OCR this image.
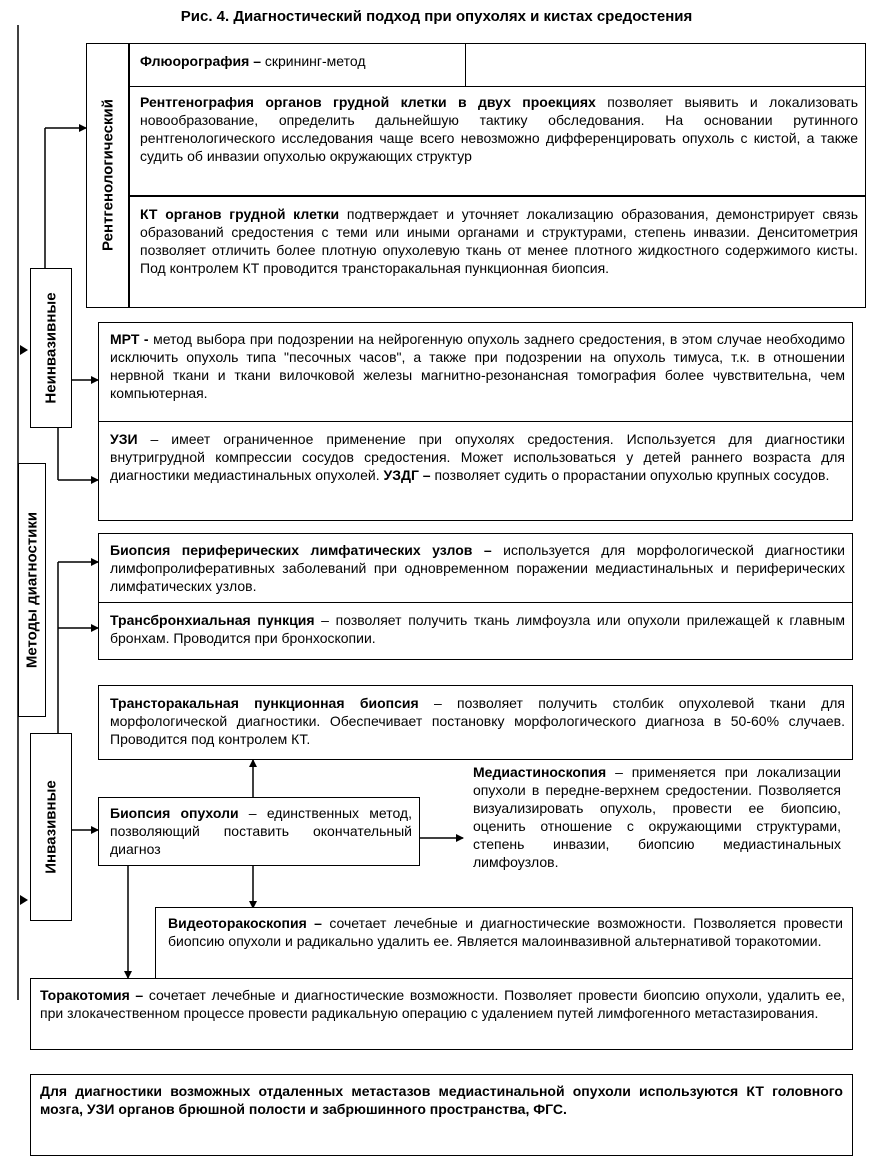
Рис. 4. Диагностический подход при опухолях и кистах средостения
Методы диагностики
Неинвазивные
Инвазивные
Рентгенологический
Флюорография – скрининг-метод
Рентгенография органов грудной клетки в двух проекциях позволяет выявить и локализовать новообразование, определить дальнейшую тактику обследования. На основании рутинного рентгенологического исследования чаще всего невозможно дифференцировать опухоль с кистой, а также судить об инвазии опухолью окружающих структур
КТ органов грудной клетки подтверждает и уточняет локализацию образования, демонстрирует связь образований средостения с теми или иными органами и структурами, степень инвазии. Денситометрия позволяет отличить более плотную опухолевую ткань от менее плотного жидкостного содержимого кисты. Под контролем КТ проводится трансторакальная пункционная биопсия.
МРТ - метод выбора при подозрении на нейрогенную опухоль заднего средостения, в этом случае необходимо исключить опухоль типа "песочных часов", а также при подозрении на опухоль тимуса, т.к. в отношении нервной ткани и ткани вилочковой железы магнитно-резонансная томография более чувствительна, чем компьютерная.
УЗИ – имеет ограниченное применение при опухолях средостения. Используется для диагностики внутригрудной компрессии сосудов средостения. Может использоваться у детей раннего возраста для диагностики медиастинальных опухолей. УЗДГ – позволяет судить о прорастании опухолью крупных сосудов.
Биопсия периферических лимфатических узлов – используется для морфологической диагностики лимфопролиферативных заболеваний при одновременном поражении медиастинальных и периферических лимфатических узлов.
Трансбронхиальная пункция – позволяет получить ткань лимфоузла или опухоли прилежащей к главным бронхам. Проводится при бронхоскопии.
Трансторакальная пункционная биопсия – позволяет получить столбик опухолевой ткани для морфологической диагностики. Обеспечивает постановку морфологического диагноза в 50-60% случаев. Проводится под контролем КТ.
Биопсия опухоли – единственных метод, позволяющий поставить окончательный диагноз
Медиастиноскопия – применяется при локализации опухоли в передне-верхнем средостении. Позволяется визуализировать опухоль, провести ее биопсию, оценить отношение с окружающими структурами, степень инвазии, биопсию медиастинальных лимфоузлов.
Видеоторакоскопия – сочетает лечебные и диагностические возможности. Позволяется провести биопсию опухоли и радикально удалить ее. Является малоинвазивной альтернативой торакотомии.
Торакотомия – сочетает лечебные и диагностические возможности. Позволяет провести биопсию опухоли, удалить ее, при злокачественном процессе провести радикальную операцию с удалением путей лимфогенного метастазирования.
Для диагностики возможных отдаленных метастазов медиастинальной опухоли используются КТ головного мозга, УЗИ органов брюшной полости и забрюшинного пространства, ФГС.
